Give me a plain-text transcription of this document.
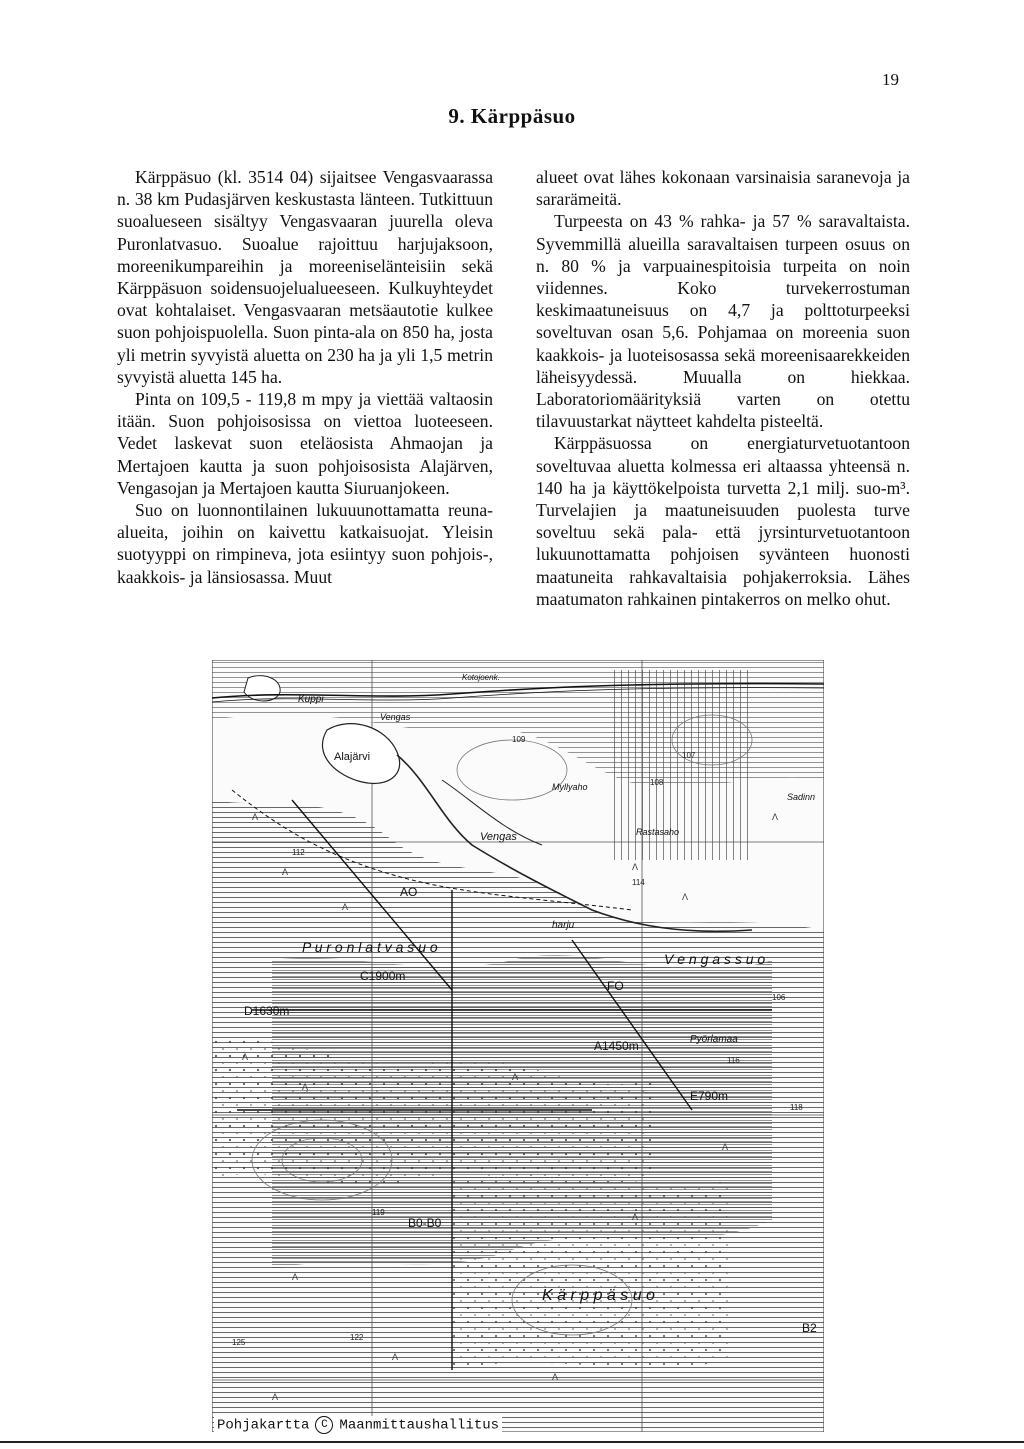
19
9. Kärppäsuo

Kärppäsuo (kl. 3514 04) sijaitsee Vengasvaarassa n. 38 km Pudasjärven keskustasta länteen. Tutkittuun suoalueseen sisältyy Vengasvaaran juurella oleva Puronlatvasuo. Suoalue rajoittuu harjujaksoon, moreenikumpareihin ja moreeniselänteisiin sekä Kärppäsuon soidensuojelualueeseen. Kulkuyhteydet ovat kohtalaiset. Vengasvaaran metsäautotie kulkee suon pohjoispuolella. Suon pinta-ala on 850 ha, josta yli metrin syvyistä aluetta on 230 ha ja yli 1,5 metrin syvyistä aluetta 145 ha.

Pinta on 109,5 - 119,8 m mpy ja viettää valtaosin itään. Suon pohjoisosissa on viettoa luoteeseen. Vedet laskevat suon eteläosista Ahmaojan ja Mertajoen kautta ja suon pohjoisosista Alajärven, Vengasojan ja Mertajoen kautta Siuruanjokeen.

Suo on luonnontilainen lukuuunottamatta reuna-alueita, joihin on kaivettu katkaisuojat. Yleisin suotyyppi on rimpineva, jota esiintyy suon pohjois-, kaakkois- ja länsiosassa. Muut

alueet ovat lähes kokonaan varsinaisia saranevoja ja sararämeitä.

Turpeesta on 43 % rahka- ja 57 % saravaltaista. Syvemmillä alueilla saravaltaisen turpeen osuus on n. 80 % ja varpuainespitoisia turpeita on noin viidennes. Koko turvekerrostuman keskimaatuneisuus on 4,7 ja polttoturpeeksi soveltuvan osan 5,6. Pohjamaa on moreenia suon kaakkois- ja luoteisosassa sekä moreenisaarekkeiden läheisyydessä. Muualla on hiekkaa. Laboratoriomäärityksiä varten on otettu tilavuustarkat näytteet kahdelta pisteeltä.

Kärppäsuossa on energiaturvetuotantoon soveltuvaa aluetta kolmessa eri altaassa yhteensä n. 140 ha ja käyttökelpoista turvetta 2,1 milj. suo-m³. Turvelajien ja maatuneisuuden puolesta turve soveltuu sekä pala- että jyrsinturvetuotantoon lukuunottamatta pohjoisen syvänteen huonosti maatuneita rahkavaltaisia pohjakerroksia. Lähes maatumaton rahkainen pintakerros on melko ohut.

Alajärvi
Kuppi
Vengas
Vengas
Myllyaho
Rastasaho
Sadinn
harju
P u r o n l a t v a s u o
V e n g a s s u o
Pyörlamaa
K ä r p p ä s u o
Kotojoenk.
107
108
112
114
116
119
122
125
106
109
118
AO
C1900m
D1630m
A1450m
E790m
B0-B0
FO
B2
Λ
Λ
Λ
Λ
Λ
Λ
Λ
Λ
Λ
Λ
Λ
Λ
Λ
Λ
Λ
Pohjakartta C Maanmittaushallitus
